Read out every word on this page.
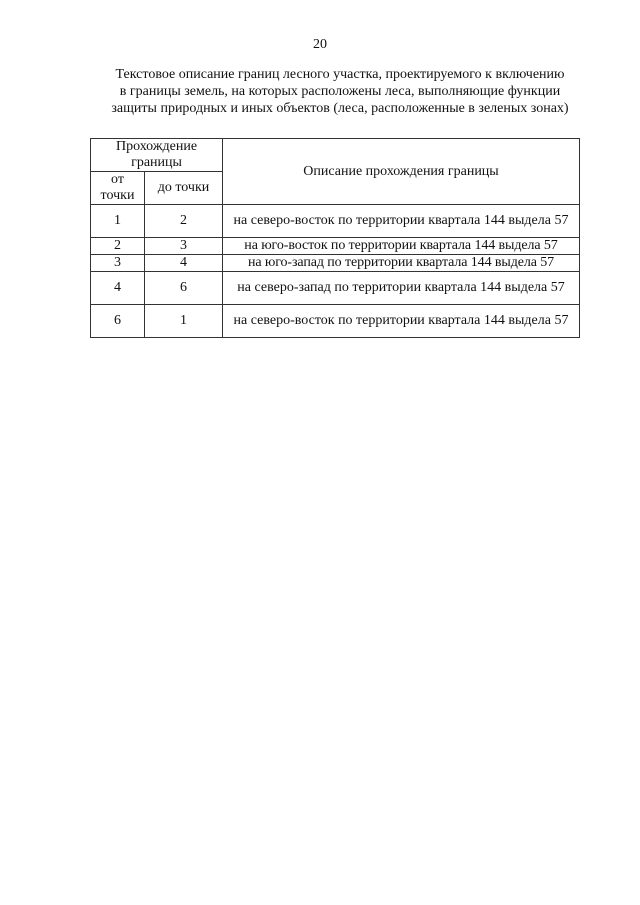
20
Текстовое описание границ лесного участка, проектируемого к включению
в границы земель, на которых расположены леса, выполняющие функции
защиты природных и иных объектов (леса, расположенные в зеленых зонах)
Прохождение границы		Описание прохождения границы
от точки	до точки	
1	2	на северо-восток по территории квартала 144 выдела 57
2	3	на юго-восток по территории квартала 144 выдела 57
3	4	на юго-запад по территории квартала 144 выдела 57
4	6	на северо-запад по территории квартала 144 выдела 57
6	1	на северо-восток по территории квартала 144 выдела 57
